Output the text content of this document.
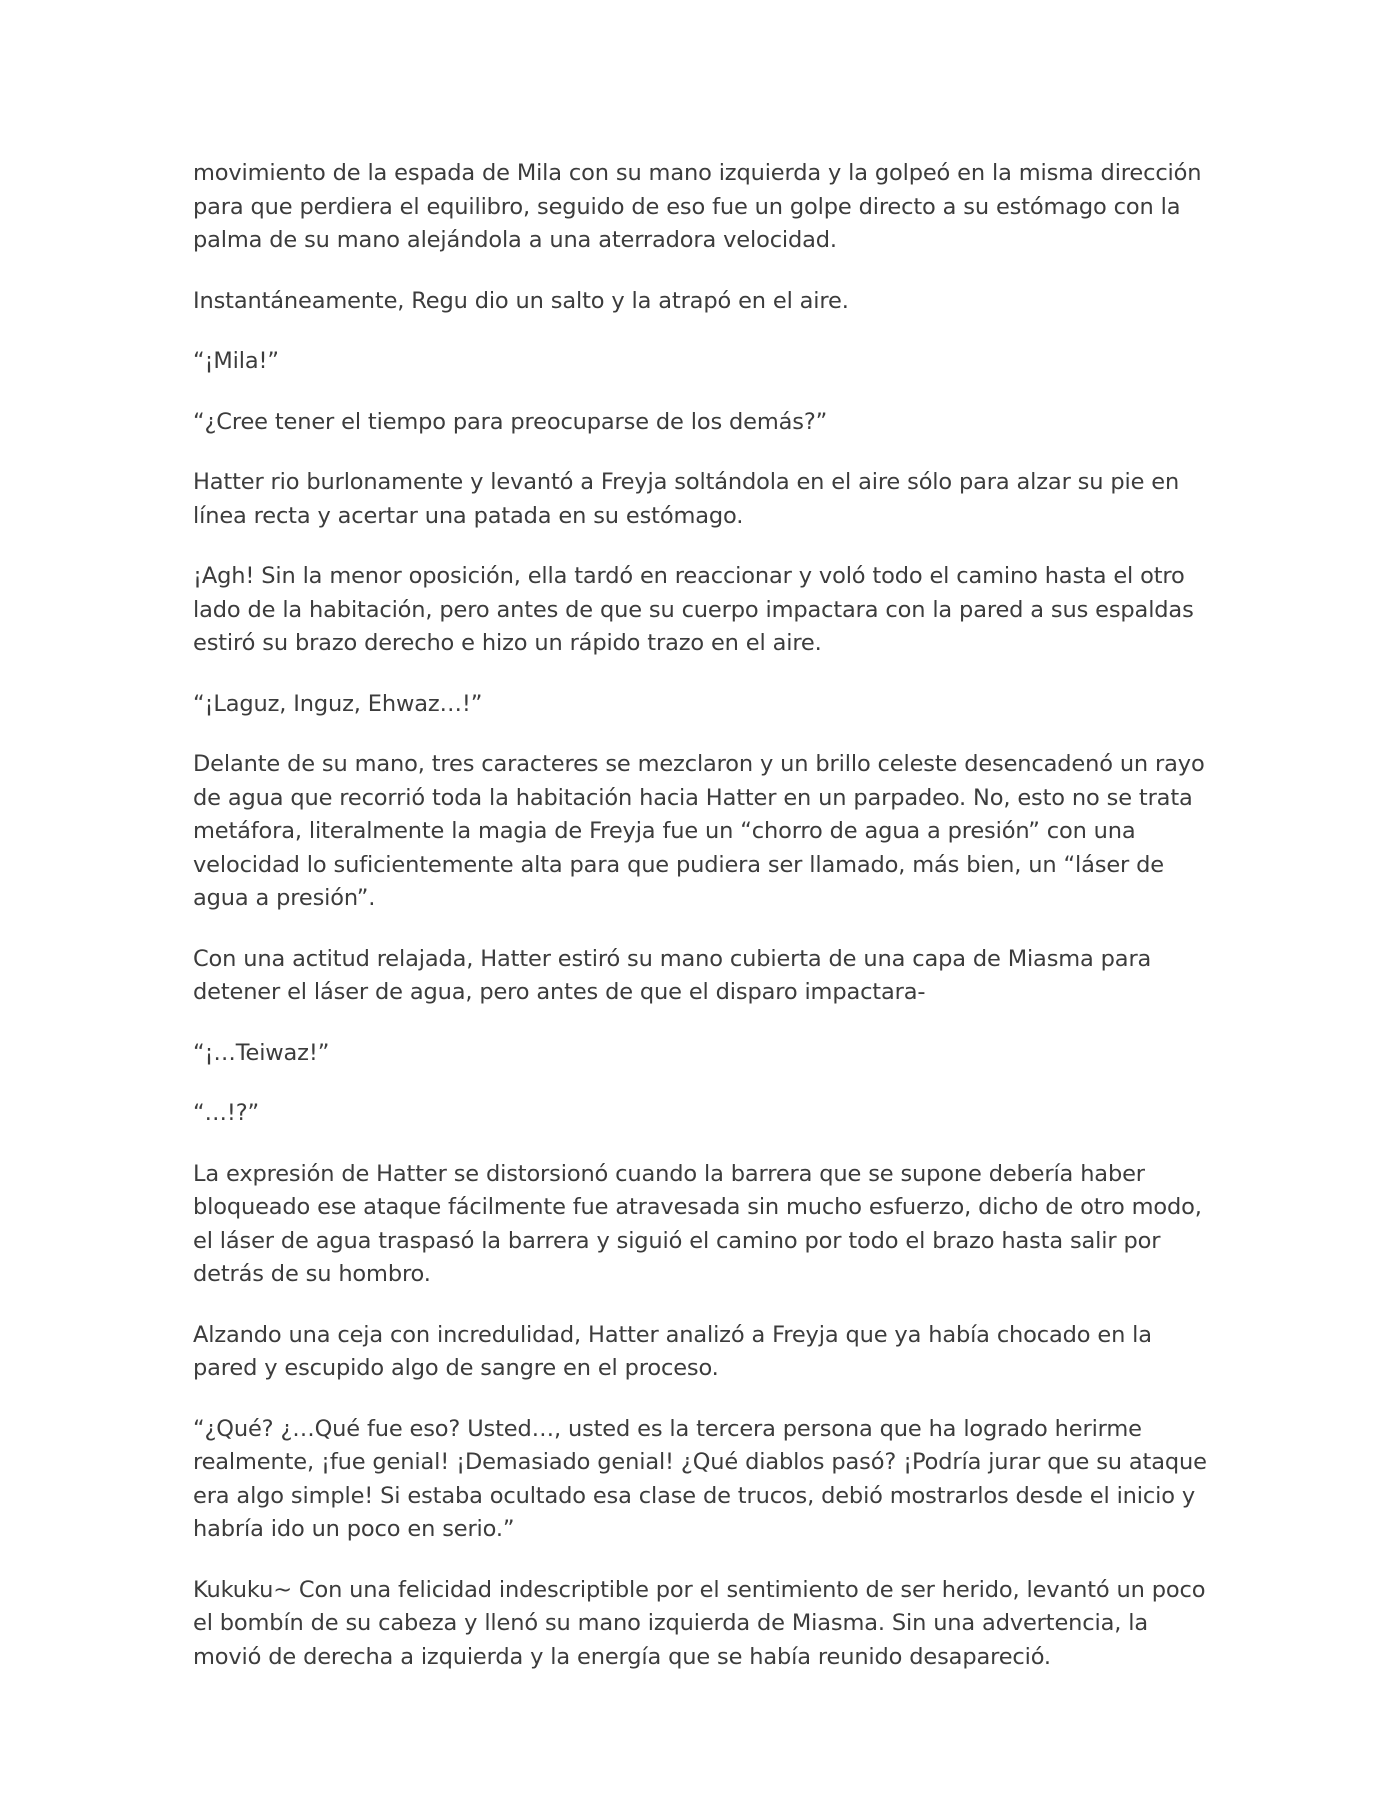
movimiento de la espada de Mila con su mano izquierda y la golpeó en la misma dirección para que perdiera el equilibro, seguido de eso fue un golpe directo a su estómago con la palma de su mano alejándola a una aterradora velocidad.

Instantáneamente, Regu dio un salto y la atrapó en el aire.

“¡Mila!”

“¿Cree tener el tiempo para preocuparse de los demás?”

Hatter rio burlonamente y levantó a Freyja soltándola en el aire sólo para alzar su pie en línea recta y acertar una patada en su estómago.

¡Agh! Sin la menor oposición, ella tardó en reaccionar y voló todo el camino hasta el otro lado de la habitación, pero antes de que su cuerpo impactara con la pared a sus espaldas estiró su brazo derecho e hizo un rápido trazo en el aire.

“¡Laguz, Inguz, Ehwaz…!”

Delante de su mano, tres caracteres se mezclaron y un brillo celeste desencadenó un rayo de agua que recorrió toda la habitación hacia Hatter en un parpadeo. No, esto no se trata metáfora, literalmente la magia de Freyja fue un “chorro de agua a presión” con una velocidad lo suficientemente alta para que pudiera ser llamado, más bien, un “láser de agua a presión”.

Con una actitud relajada, Hatter estiró su mano cubierta de una capa de Miasma para detener el láser de agua, pero antes de que el disparo impactara-

“¡…Teiwaz!”

“…!?”

La expresión de Hatter se distorsionó cuando la barrera que se supone debería haber bloqueado ese ataque fácilmente fue atravesada sin mucho esfuerzo, dicho de otro modo, el láser de agua traspasó la barrera y siguió el camino por todo el brazo hasta salir por detrás de su hombro.

Alzando una ceja con incredulidad, Hatter analizó a Freyja que ya había chocado en la pared y escupido algo de sangre en el proceso.

“¿Qué? ¿…Qué fue eso? Usted…, usted es la tercera persona que ha logrado herirme realmente, ¡fue genial! ¡Demasiado genial! ¿Qué diablos pasó? ¡Podría jurar que su ataque era algo simple! Si estaba ocultado esa clase de trucos, debió mostrarlos desde el inicio y habría ido un poco en serio.”

Kukuku~ Con una felicidad indescriptible por el sentimiento de ser herido, levantó un poco el bombín de su cabeza y llenó su mano izquierda de Miasma. Sin una advertencia, la movió de derecha a izquierda y la energía que se había reunido desapareció.
